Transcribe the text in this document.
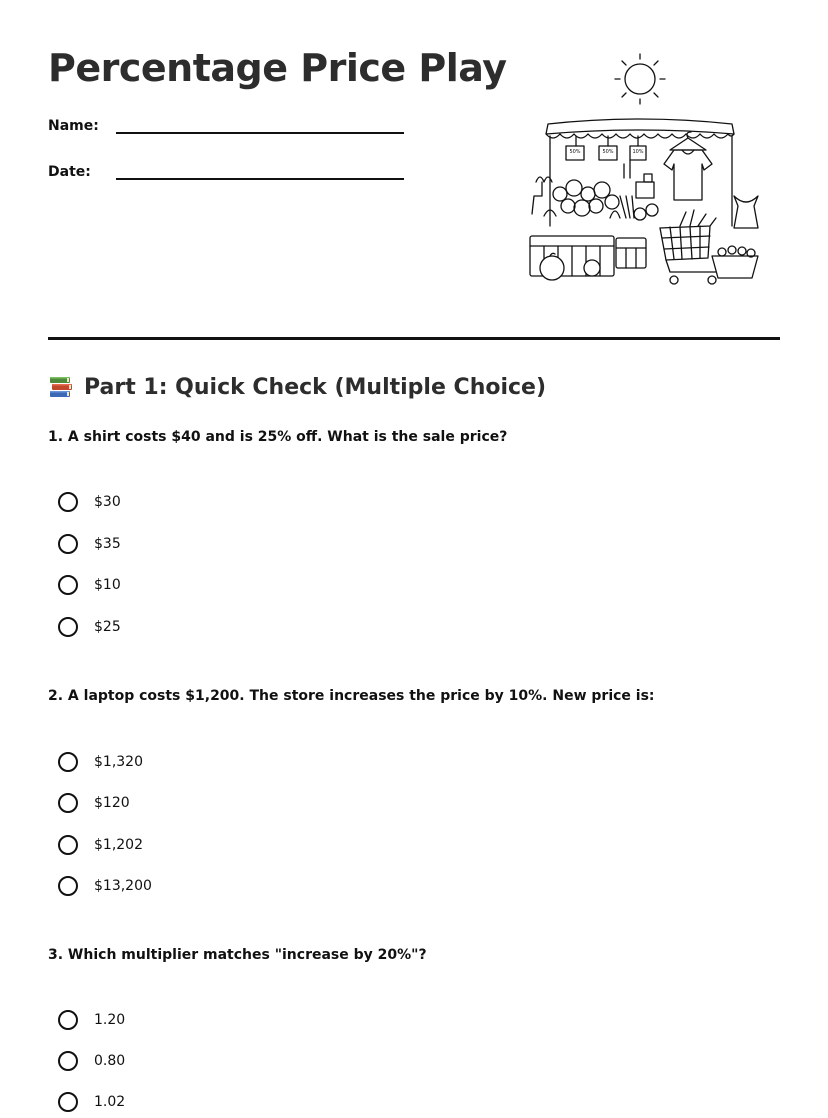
Percentage Price Play
Name:
Date:
50%	50%	10%
Part 1: Quick Check (Multiple Choice)
1. A shirt costs $40 and is 25% off. What is the sale price?
$30
$35
$10
$25
2. A laptop costs $1,200. The store increases the price by 10%. New price is:
$1,320
$120
$1,202
$13,200
3. Which multiplier matches "increase by 20%"?
1.20
0.80
1.02
